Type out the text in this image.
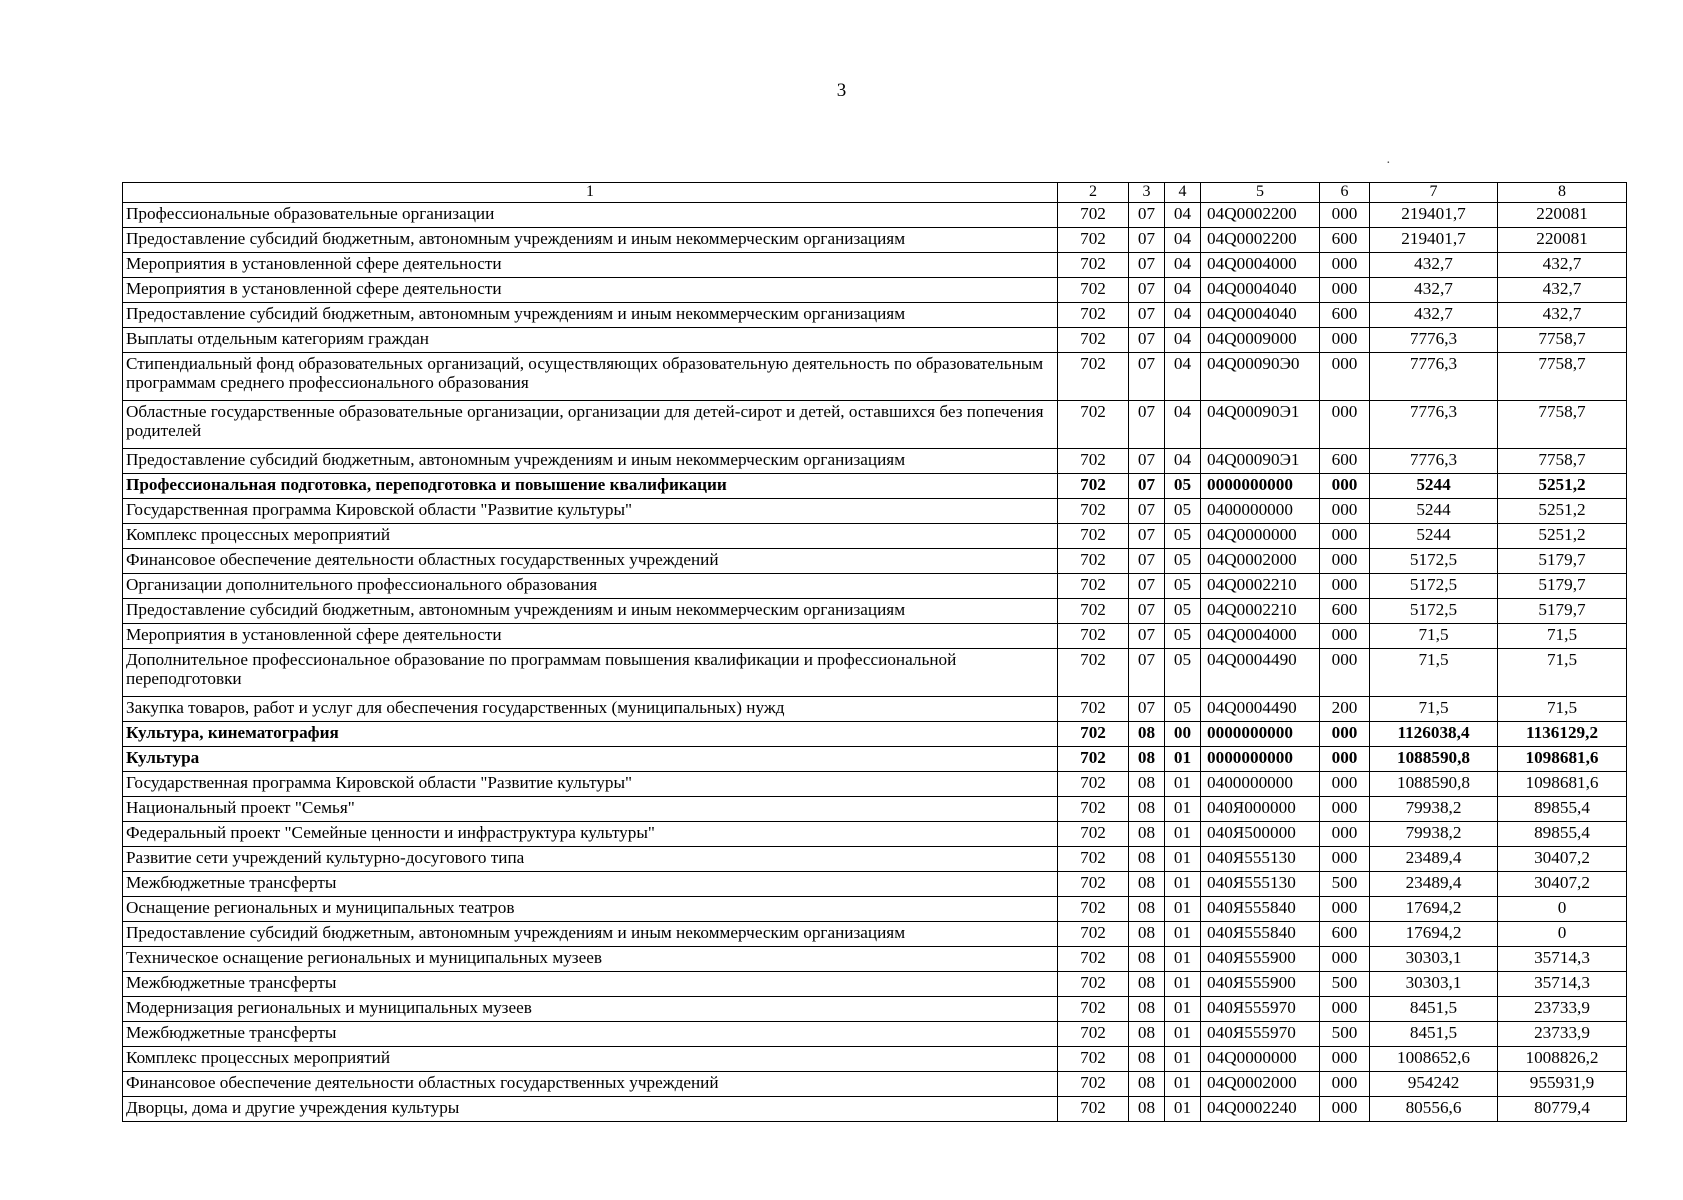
3
·
1	2	3	4	5	6	7	8
Профессиональные образовательные организации	702	07	04	04Q0002200	000	219401,7	220081
Предоставление субсидий бюджетным, автономным учреждениям и иным некоммерческим организациям	702	07	04	04Q0002200	600	219401,7	220081
Мероприятия в установленной сфере деятельности	702	07	04	04Q0004000	000	432,7	432,7
Мероприятия в установленной сфере деятельности	702	07	04	04Q0004040	000	432,7	432,7
Предоставление субсидий бюджетным, автономным учреждениям и иным некоммерческим организациям	702	07	04	04Q0004040	600	432,7	432,7
Выплаты отдельным категориям граждан	702	07	04	04Q0009000	000	7776,3	7758,7
Стипендиальный фонд образовательных организаций, осуществляющих образовательную деятельность по образовательным программам среднего профессионального образования	702	07	04	04Q00090Э0	000	7776,3	7758,7
Областные государственные образовательные организации, организации для детей-сирот и детей, оставшихся без попечения родителей	702	07	04	04Q00090Э1	000	7776,3	7758,7
Предоставление субсидий бюджетным, автономным учреждениям и иным некоммерческим организациям	702	07	04	04Q00090Э1	600	7776,3	7758,7
Профессиональная подготовка, переподготовка и повышение квалификации	702	07	05	0000000000	000	5244	5251,2
Государственная программа Кировской области "Развитие культуры"	702	07	05	0400000000	000	5244	5251,2
Комплекс процессных мероприятий	702	07	05	04Q0000000	000	5244	5251,2
Финансовое обеспечение деятельности областных государственных учреждений	702	07	05	04Q0002000	000	5172,5	5179,7
Организации дополнительного профессионального образования	702	07	05	04Q0002210	000	5172,5	5179,7
Предоставление субсидий бюджетным, автономным учреждениям и иным некоммерческим организациям	702	07	05	04Q0002210	600	5172,5	5179,7
Мероприятия в установленной сфере деятельности	702	07	05	04Q0004000	000	71,5	71,5
Дополнительное профессиональное образование по программам повышения квалификации и профессиональной переподготовки	702	07	05	04Q0004490	000	71,5	71,5
Закупка товаров, работ и услуг для обеспечения государственных (муниципальных) нужд	702	07	05	04Q0004490	200	71,5	71,5
Культура, кинематография	702	08	00	0000000000	000	1126038,4	1136129,2
Культура	702	08	01	0000000000	000	1088590,8	1098681,6
Государственная программа Кировской области "Развитие культуры"	702	08	01	0400000000	000	1088590,8	1098681,6
Национальный проект "Семья"	702	08	01	040Я000000	000	79938,2	89855,4
Федеральный проект "Семейные ценности и инфраструктура культуры"	702	08	01	040Я500000	000	79938,2	89855,4
Развитие сети учреждений культурно-досугового типа	702	08	01	040Я555130	000	23489,4	30407,2
Межбюджетные трансферты	702	08	01	040Я555130	500	23489,4	30407,2
Оснащение региональных и муниципальных театров	702	08	01	040Я555840	000	17694,2	0
Предоставление субсидий бюджетным, автономным учреждениям и иным некоммерческим организациям	702	08	01	040Я555840	600	17694,2	0
Техническое оснащение региональных и муниципальных музеев	702	08	01	040Я555900	000	30303,1	35714,3
Межбюджетные трансферты	702	08	01	040Я555900	500	30303,1	35714,3
Модернизация региональных и муниципальных музеев	702	08	01	040Я555970	000	8451,5	23733,9
Межбюджетные трансферты	702	08	01	040Я555970	500	8451,5	23733,9
Комплекс процессных мероприятий	702	08	01	04Q0000000	000	1008652,6	1008826,2
Финансовое обеспечение деятельности областных государственных учреждений	702	08	01	04Q0002000	000	954242	955931,9
Дворцы, дома и другие учреждения культуры	702	08	01	04Q0002240	000	80556,6	80779,4
